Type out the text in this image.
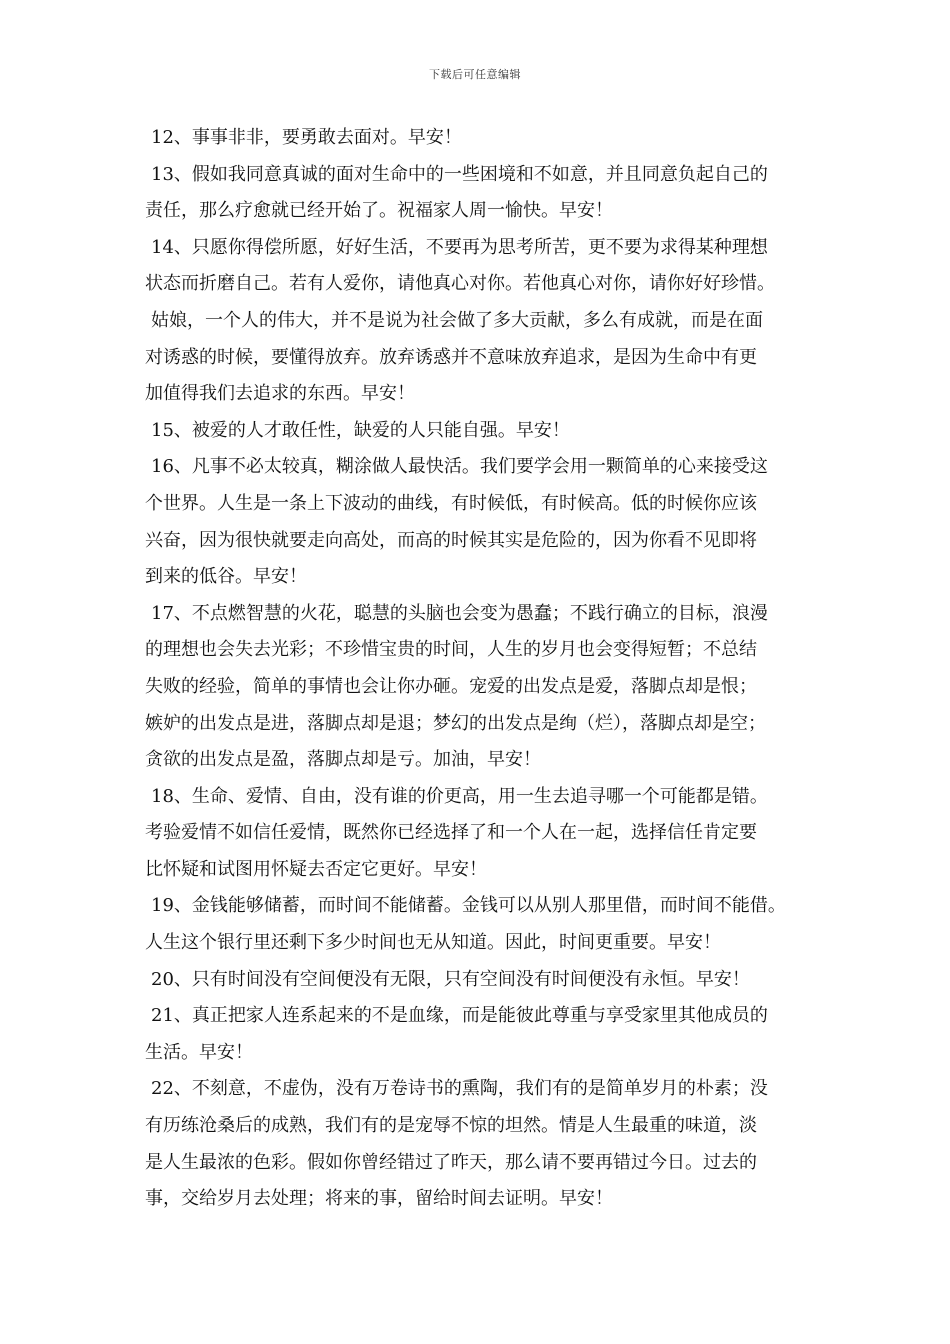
下载后可任意编辑
12、事事非非，要勇敢去面对。早安！
13、假如我同意真诚的面对生命中的一些困境和不如意，并且同意负起自己的
责任，那么疗愈就已经开始了。祝福家人周一愉快。早安！
14、只愿你得偿所愿，好好生活，不要再为思考所苦，更不要为求得某种理想
状态而折磨自己。若有人爱你，请他真心对你。若他真心对你，请你好好珍惜。
姑娘，一个人的伟大，并不是说为社会做了多大贡献，多么有成就，而是在面
对诱惑的时候，要懂得放弃。放弃诱惑并不意味放弃追求，是因为生命中有更
加值得我们去追求的东西。早安！
15、被爱的人才敢任性，缺爱的人只能自强。早安！
16、凡事不必太较真，糊涂做人最快活。我们要学会用一颗简单的心来接受这
个世界。人生是一条上下波动的曲线，有时候低，有时候高。低的时候你应该
兴奋，因为很快就要走向高处，而高的时候其实是危险的，因为你看不见即将
到来的低谷。早安！
17、不点燃智慧的火花，聪慧的头脑也会变为愚蠢；不践行确立的目标，浪漫
的理想也会失去光彩；不珍惜宝贵的时间，人生的岁月也会变得短暂；不总结
失败的经验，简单的事情也会让你办砸。宠爱的出发点是爱，落脚点却是恨；
嫉妒的出发点是进，落脚点却是退；梦幻的出发点是绚（烂），落脚点却是空；
贪欲的出发点是盈，落脚点却是亏。加油，早安！
18、生命、爱情、自由，没有谁的价更高，用一生去追寻哪一个可能都是错。
考验爱情不如信任爱情，既然你已经选择了和一个人在一起，选择信任肯定要
比怀疑和试图用怀疑去否定它更好。早安！
19、金钱能够储蓄，而时间不能储蓄。金钱可以从别人那里借，而时间不能借。
人生这个银行里还剩下多少时间也无从知道。因此，时间更重要。早安！
20、只有时间没有空间便没有无限，只有空间没有时间便没有永恒。早安！
21、真正把家人连系起来的不是血缘，而是能彼此尊重与享受家里其他成员的
生活。早安！
22、不刻意，不虚伪，没有万卷诗书的熏陶，我们有的是简单岁月的朴素；没
有历练沧桑后的成熟，我们有的是宠辱不惊的坦然。情是人生最重的味道，淡
是人生最浓的色彩。假如你曾经错过了昨天，那么请不要再错过今日。过去的
事，交给岁月去处理；将来的事，留给时间去证明。早安！
